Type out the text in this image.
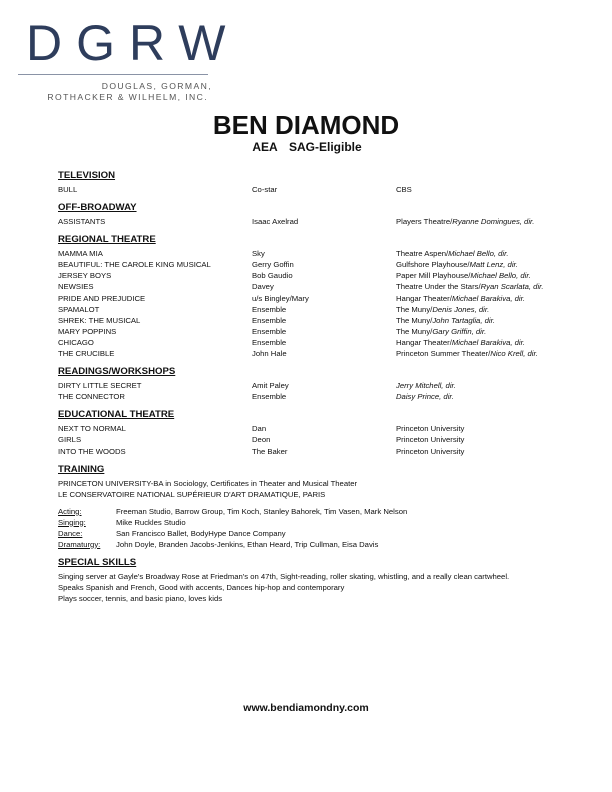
DGRW
DOUGLAS, GORMAN,
ROTHACKER & WILHELM, INC.
BEN DIAMOND
AEA SAG-Eligible
TELEVISION
BULL	Co-star	CBS
OFF-BROADWAY
ASSISTANTS	Isaac Axelrad	Players Theatre/Ryanne Domingues, dir.
REGIONAL THEATRE
MAMMA MIA	Sky	Theatre Aspen/Michael Bello, dir.
BEAUTIFUL: THE CAROLE KING MUSICAL	Gerry Goffin	Gulfshore Playhouse/Matt Lenz, dir.
JERSEY BOYS	Bob Gaudio	Paper Mill Playhouse/Michael Bello, dir.
NEWSIES	Davey	Theatre Under the Stars/Ryan Scarlata, dir.
PRIDE AND PREJUDICE	u/s Bingley/Mary	Hangar Theater/Michael Barakiva, dir.
SPAMALOT	Ensemble	The Muny/Denis Jones, dir.
SHREK: THE MUSICAL	Ensemble	The Muny/John Tartaglia, dir.
MARY POPPINS	Ensemble	The Muny/Gary Griffin, dir.
CHICAGO	Ensemble	Hangar Theater/Michael Barakiva, dir.
THE CRUCIBLE	John Hale	Princeton Summer Theater/Nico Krell, dir.
READINGS/WORKSHOPS
DIRTY LITTLE SECRET	Amit Paley	Jerry Mitchell, dir.
THE CONNECTOR	Ensemble	Daisy Prince, dir.
EDUCATIONAL THEATRE
NEXT TO NORMAL	Dan	Princeton University
GIRLS	Deon	Princeton University
INTO THE WOODS	The Baker	Princeton University
TRAINING
PRINCETON UNIVERSITY-BA in Sociology, Certificates in Theater and Musical Theater
LE CONSERVATOIRE NATIONAL SUPÉRIEUR D'ART DRAMATIQUE, PARIS
Acting:	Freeman Studio, Barrow Group, Tim Koch, Stanley Bahorek, Tim Vasen, Mark Nelson
Singing:	Mike Ruckles Studio
Dance:	San Francisco Ballet, BodyHype Dance Company
Dramaturgy:	John Doyle, Branden Jacobs-Jenkins, Ethan Heard, Trip Cullman, Eisa Davis
SPECIAL SKILLS
Singing server at Gayle's Broadway Rose at Friedman's on 47th, Sight-reading, roller skating, whistling, and a really clean cartwheel.
Speaks Spanish and French, Good with accents, Dances hip-hop and contemporary
Plays soccer, tennis, and basic piano, loves kids
www.bendiamondny.com
